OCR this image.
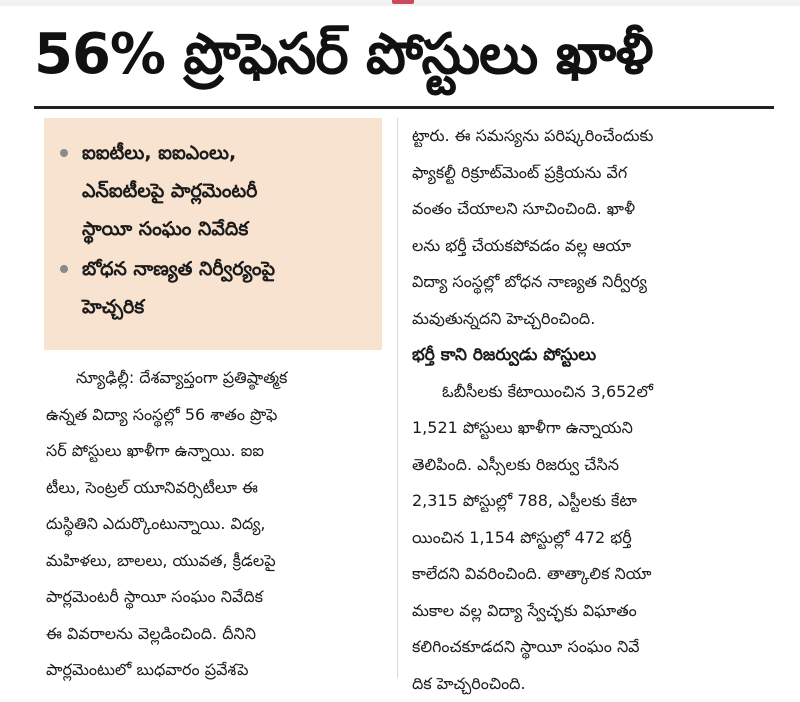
56% ప్రొఫెసర్ పోస్టులు ఖాళీ
ఐఐటీలు, ఐఐఎంలు,
ఎన్ఐటీలపై పార్లమెంటరీ
స్థాయీ సంఘం నివేదిక
బోధన నాణ్యత నిర్వీర్యంపై
హెచ్చరిక
న్యూఢిల్లీ: దేశవ్యాప్తంగా ప్రతిష్ఠాత్మక
ఉన్నత విద్యా సంస్థల్లో 56 శాతం ప్రొఫె
సర్ పోస్టులు ఖాళీగా ఉన్నాయి. ఐఐ
టీలు, సెంట్రల్ యూనివర్సిటీలూ ఈ
దుస్థితిని ఎదుర్కొంటున్నాయి. విద్య,
మహిళలు, బాలలు, యువత, క్రీడలపై
పార్లమెంటరీ స్థాయీ సంఘం నివేదిక
ఈ వివరాలను వెల్లడించింది. దీనిని
పార్లమెంటులో బుధవారం ప్రవేశపె
ట్టారు. ఈ సమస్యను పరిష్కరించేందుకు
ఫ్యాకల్టీ రిక్రూట్‌మెంట్ ప్రక్రియను వేగ
వంతం చేయాలని సూచించింది. ఖాళీ
లను భర్తీ చేయకపోవడం వల్ల ఆయా
విద్యా సంస్థల్లో బోధన నాణ్యత నిర్వీర్య
మవుతున్నదని హెచ్చరించింది.
భర్తీ కాని రిజర్వుడు పోస్టులు
ఓబీసీలకు కేటాయించిన 3,652లో
1,521 పోస్టులు ఖాళీగా ఉన్నాయని
తెలిపింది. ఎస్సీలకు రిజర్వు చేసిన
2,315 పోస్టుల్లో 788, ఎస్టీలకు కేటా
యించిన 1,154 పోస్టుల్లో 472 భర్తీ
కాలేదని వివరించింది. తాత్కాలిక నియా
మకాల వల్ల విద్యా స్వేచ్ఛకు విఘాతం
కలిగించకూడదని స్థాయీ సంఘం నివే
దిక హెచ్చరించింది.
